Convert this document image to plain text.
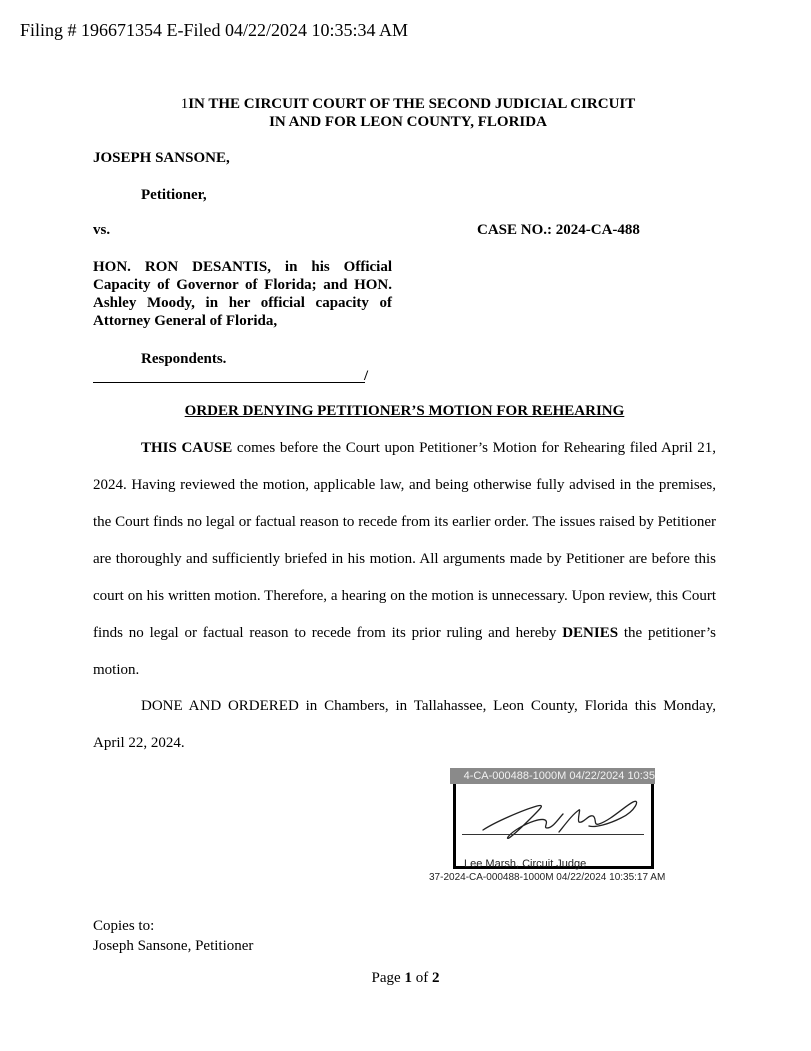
Filing # 196671354 E-Filed 04/22/2024 10:35:34 AM
1IN THE CIRCUIT COURT OF THE SECOND JUDICIAL CIRCUIT
IN AND FOR LEON COUNTY, FLORIDA
JOSEPH SANSONE,
Petitioner,
vs.	CASE NO.: 2024-CA-488
HON. RON DESANTIS, in his Official Capacity of Governor of Florida; and HON. Ashley Moody, in her official capacity of Attorney General of Florida,
Respondents.
/
ORDER DENYING PETITIONER’S MOTION FOR REHEARING
THIS CAUSE comes before the Court upon Petitioner’s Motion for Rehearing filed April 21, 2024. Having reviewed the motion, applicable law, and being otherwise fully advised in the premises, the Court finds no legal or factual reason to recede from its earlier order. The issues raised by Petitioner are thoroughly and sufficiently briefed in his motion. All arguments made by Petitioner are before this court on his written motion. Therefore, a hearing on the motion is unnecessary. Upon review, this Court finds no legal or factual reason to recede from its prior ruling and hereby DENIES the petitioner’s motion.
DONE AND ORDERED in Chambers, in Tallahassee, Leon County, Florida this Monday, April 22, 2024.
4-CA-000488-1000M 04/22/2024 10:35
Lee Marsh, Circuit Judge
37-2024-CA-000488-1000M 04/22/2024 10:35:17 AM
Copies to:
Joseph Sansone, Petitioner
Page 1 of 2
